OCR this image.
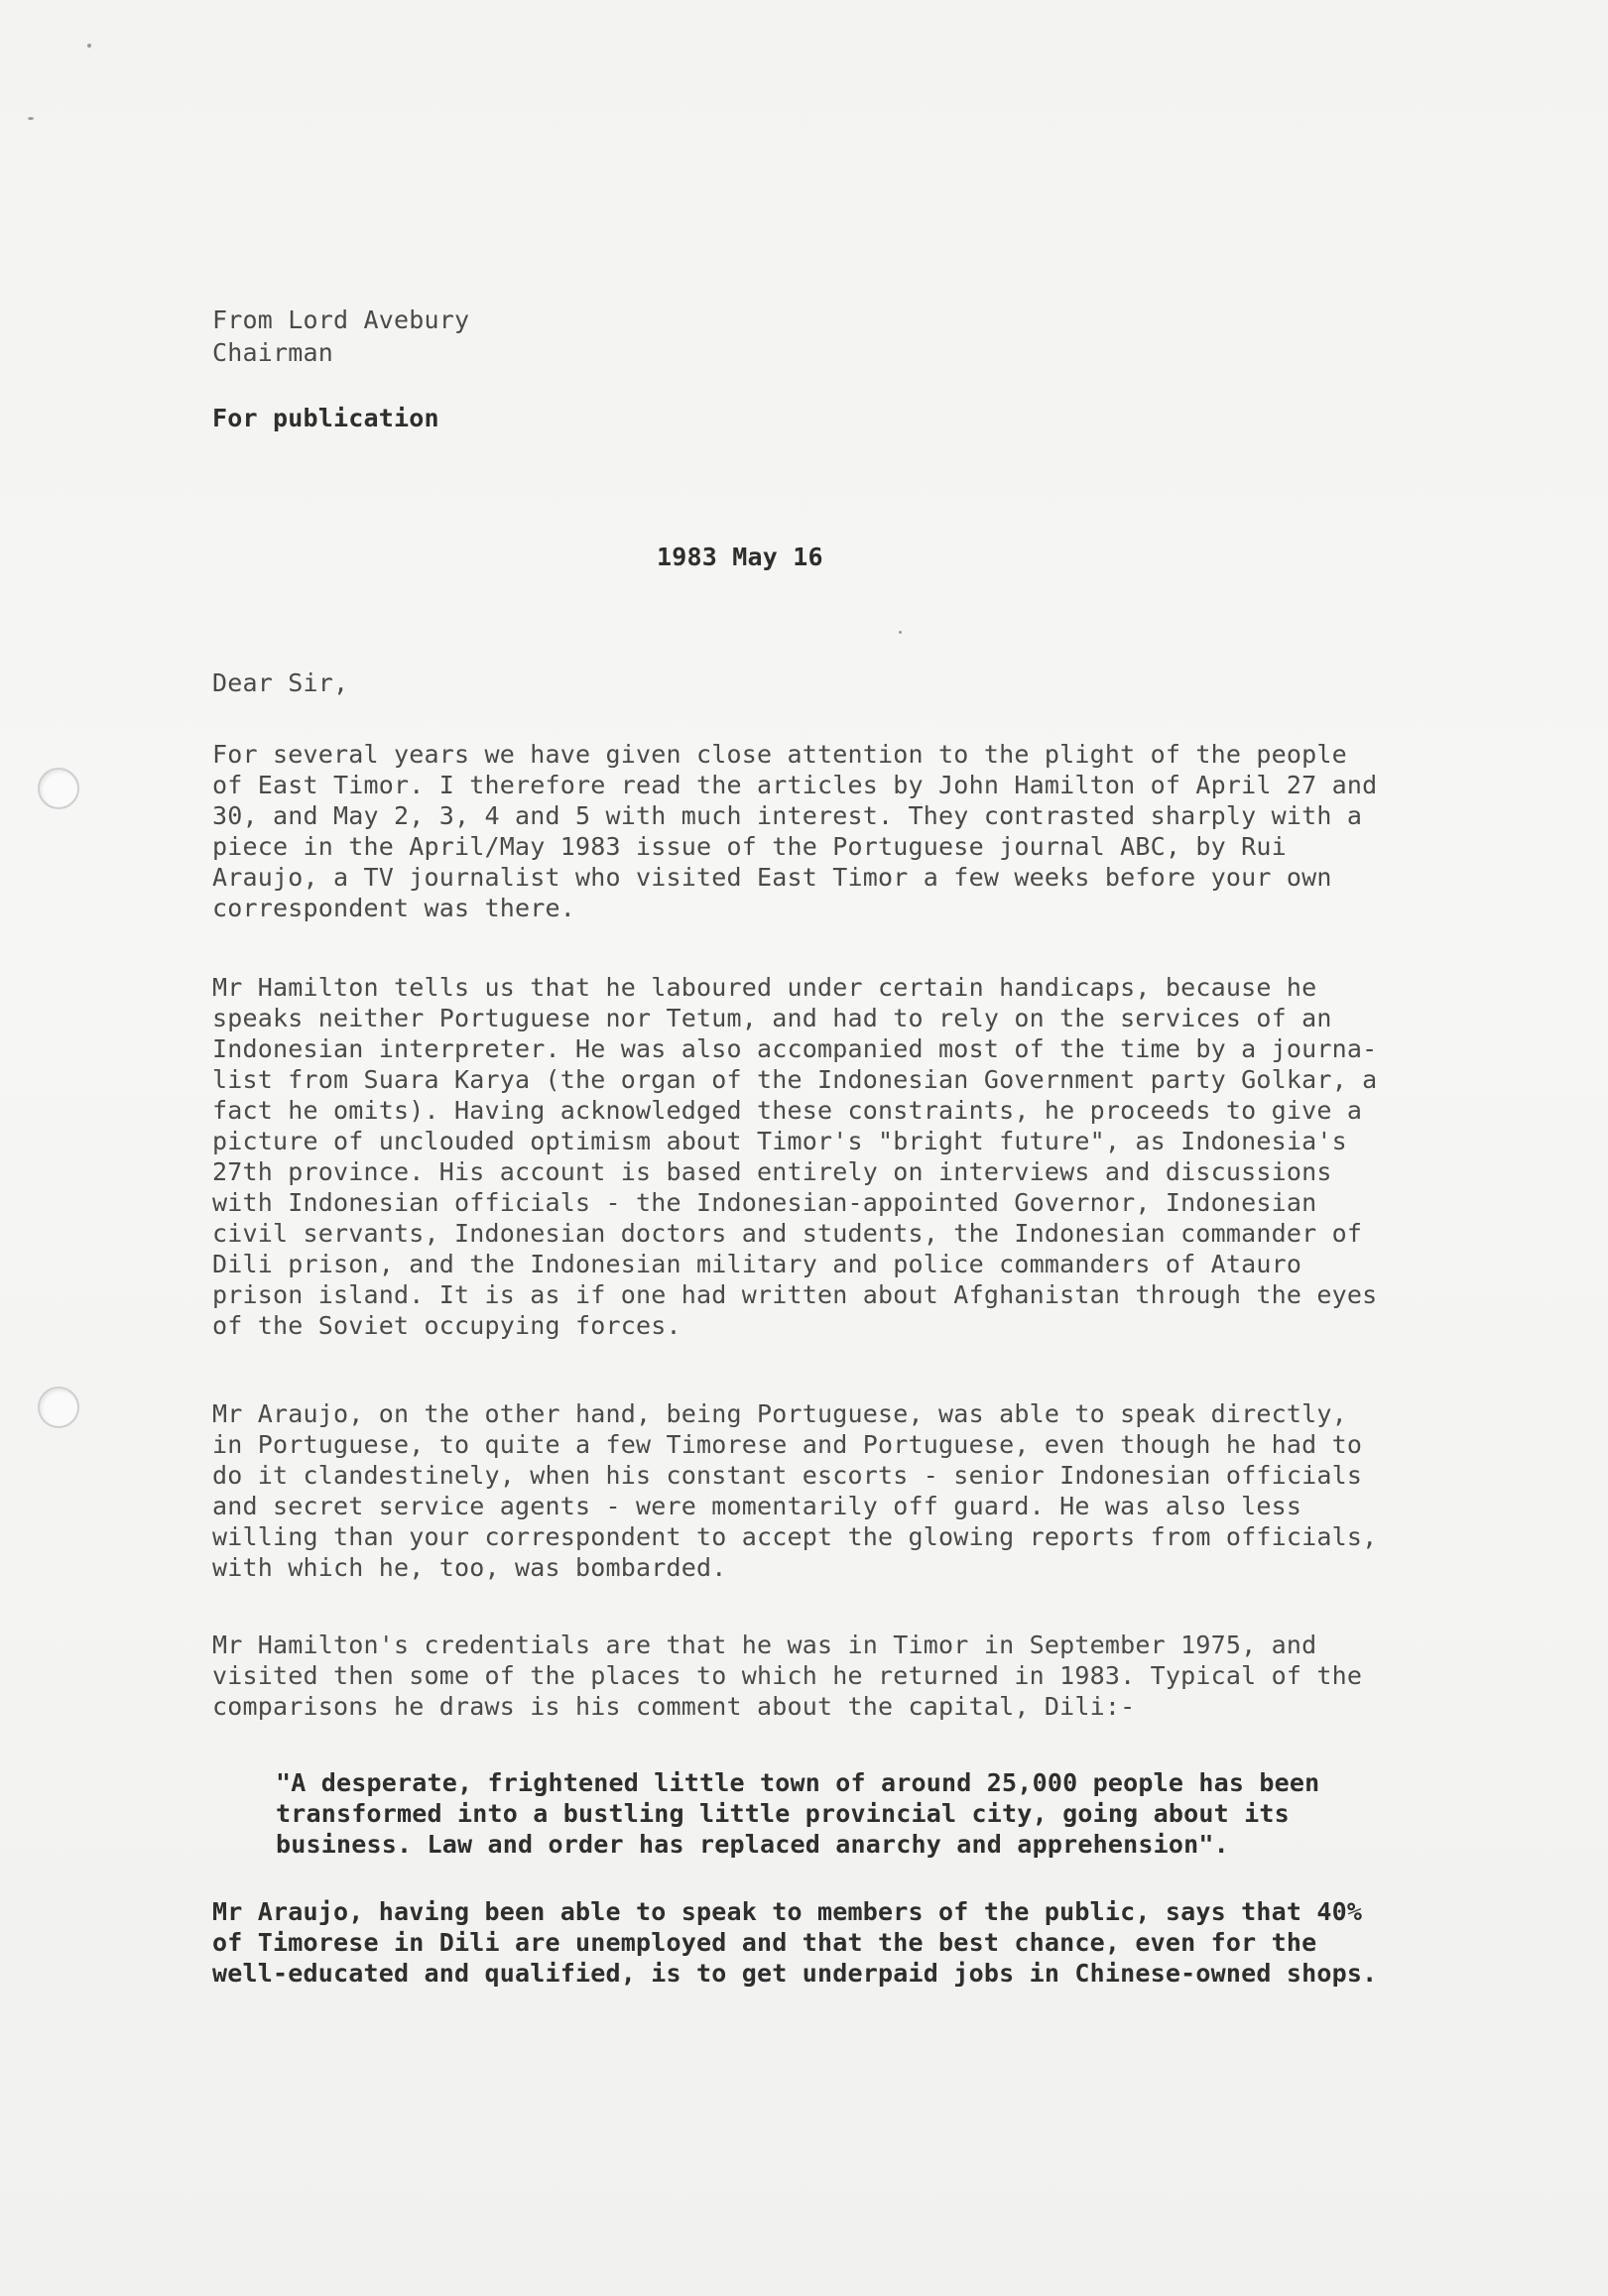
From Lord Avebury
Chairman
For publication
1983 May 16
Dear Sir,
For several years we have given close attention to the plight of the people
of East Timor. I therefore read the articles by John Hamilton of April 27 and
30, and May 2, 3, 4 and 5 with much interest. They contrasted sharply with a
piece in the April/May 1983 issue of the Portuguese journal ABC, by Rui
Araujo, a TV journalist who visited East Timor a few weeks before your own
correspondent was there.
Mr Hamilton tells us that he laboured under certain handicaps, because he
speaks neither Portuguese nor Tetum, and had to rely on the services of an
Indonesian interpreter. He was also accompanied most of the time by a journa-
list from Suara Karya (the organ of the Indonesian Government party Golkar, a
fact he omits). Having acknowledged these constraints, he proceeds to give a
picture of unclouded optimism about Timor's "bright future", as Indonesia's
27th province. His account is based entirely on interviews and discussions
with Indonesian officials - the Indonesian-appointed Governor, Indonesian
civil servants, Indonesian doctors and students, the Indonesian commander of
Dili prison, and the Indonesian military and police commanders of Atauro
prison island. It is as if one had written about Afghanistan through the eyes
of the Soviet occupying forces.
Mr Araujo, on the other hand, being Portuguese, was able to speak directly,
in Portuguese, to quite a few Timorese and Portuguese, even though he had to
do it clandestinely, when his constant escorts - senior Indonesian officials
and secret service agents - were momentarily off guard. He was also less
willing than your correspondent to accept the glowing reports from officials,
with which he, too, was bombarded.
Mr Hamilton's credentials are that he was in Timor in September 1975, and
visited then some of the places to which he returned in 1983. Typical of the
comparisons he draws is his comment about the capital, Dili:-
"A desperate, frightened little town of around 25,000 people has been
transformed into a bustling little provincial city, going about its
business. Law and order has replaced anarchy and apprehension".
Mr Araujo, having been able to speak to members of the public, says that 40%
of Timorese in Dili are unemployed and that the best chance, even for the
well-educated and qualified, is to get underpaid jobs in Chinese-owned shops.
